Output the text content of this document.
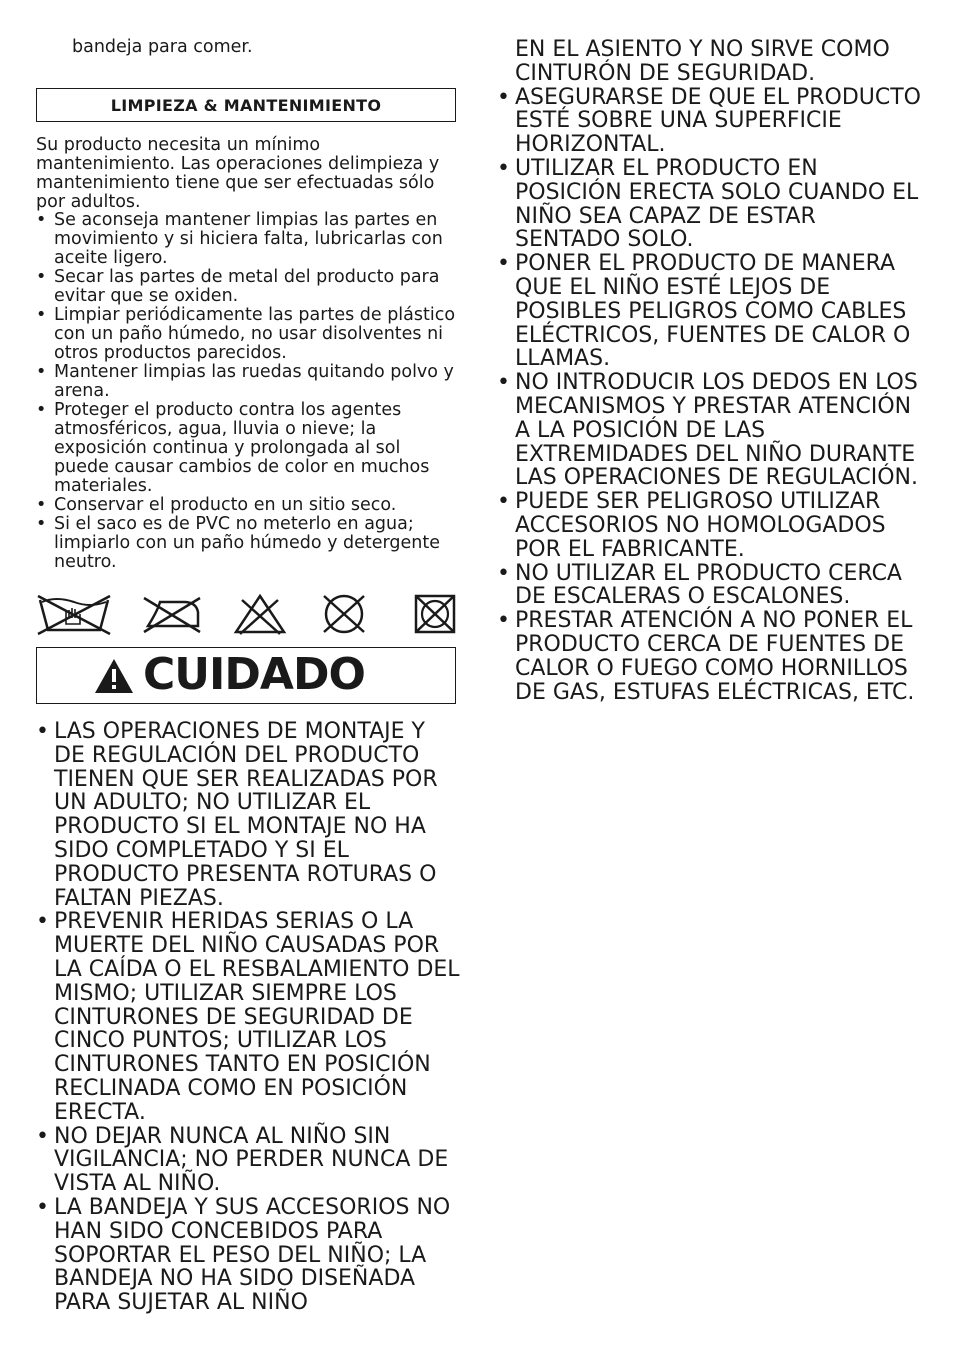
bandeja para comer.
LIMPIEZA & MANTENIMIENTO
Su producto necesita un mínimo mantenimiento. Las operaciones delimpieza y mantenimiento tiene que ser efectuadas sólo por adultos.
• Se aconseja mantener limpias las partes en movimiento y si hiciera falta, lubricarlas con aceite ligero.
• Secar las partes de metal del producto para evitar que se oxiden.
• Limpiar periódicamente las partes de plástico con un paño húmedo, no usar disolventes ni otros productos parecidos.
• Mantener limpias las ruedas quitando polvo y arena.
• Proteger el producto contra los agentes atmosféricos, agua, lluvia o nieve; la exposición continua y prolongada al sol puede causar cambios de color en muchos materiales.
• Conservar el producto en un sitio seco.
• Si el saco es de PVC no meterlo en agua; limpiarlo con un paño húmedo y detergente neutro.
CUIDADO
• LAS OPERACIONES DE MONTAJE Y DE REGULACIÓN DEL PRODUCTO TIENEN QUE SER REALIZADAS POR UN ADULTO; NO UTILIZAR EL PRODUCTO SI EL MONTAJE NO HA SIDO COMPLETADO Y SI EL PRODUCTO PRESENTA ROTURAS O FALTAN PIEZAS.
• PREVENIR HERIDAS SERIAS O LA MUERTE DEL NIÑO CAUSADAS POR LA CAÍDA O EL RESBALAMIENTO DEL MISMO; UTILIZAR SIEMPRE LOS CINTURONES DE SEGURIDAD DE CINCO PUNTOS; UTILIZAR LOS CINTURONES TANTO EN POSICIÓN RECLINADA COMO EN POSICIÓN ERECTA.
• NO DEJAR NUNCA AL NIÑO SIN VIGILANCIA; NO PERDER NUNCA DE VISTA AL NIÑO.
• LA BANDEJA Y SUS ACCESORIOS NO HAN SIDO CONCEBIDOS PARA SOPORTAR EL PESO DEL NIÑO; LA BANDEJA NO HA SIDO DISEÑADA PARA SUJETAR AL NIÑO
EN EL ASIENTO Y NO SIRVE COMO CINTURÓN DE SEGURIDAD.
• ASEGURARSE DE QUE EL PRODUCTO ESTÉ SOBRE UNA SUPERFICIE HORIZONTAL.
• UTILIZAR EL PRODUCTO EN POSICIÓN ERECTA SOLO CUANDO EL NIÑO SEA CAPAZ DE ESTAR SENTADO SOLO.
• PONER EL PRODUCTO DE MANERA QUE EL NIÑO ESTÉ LEJOS DE POSIBLES PELIGROS COMO CABLES ELÉCTRICOS, FUENTES DE CALOR O LLAMAS.
• NO INTRODUCIR LOS DEDOS EN LOS MECANISMOS Y PRESTAR ATENCIÓN A LA POSICIÓN DE LAS EXTREMIDADES DEL NIÑO DURANTE LAS OPERACIONES DE REGULACIÓN.
• PUEDE SER PELIGROSO UTILIZAR ACCESORIOS NO HOMOLOGADOS POR EL FABRICANTE.
• NO UTILIZAR EL PRODUCTO CERCA DE ESCALERAS O ESCALONES.
• PRESTAR ATENCIÓN A NO PONER EL PRODUCTO CERCA DE FUENTES DE CALOR O FUEGO COMO HORNILLOS DE GAS, ESTUFAS ELÉCTRICAS, ETC.
